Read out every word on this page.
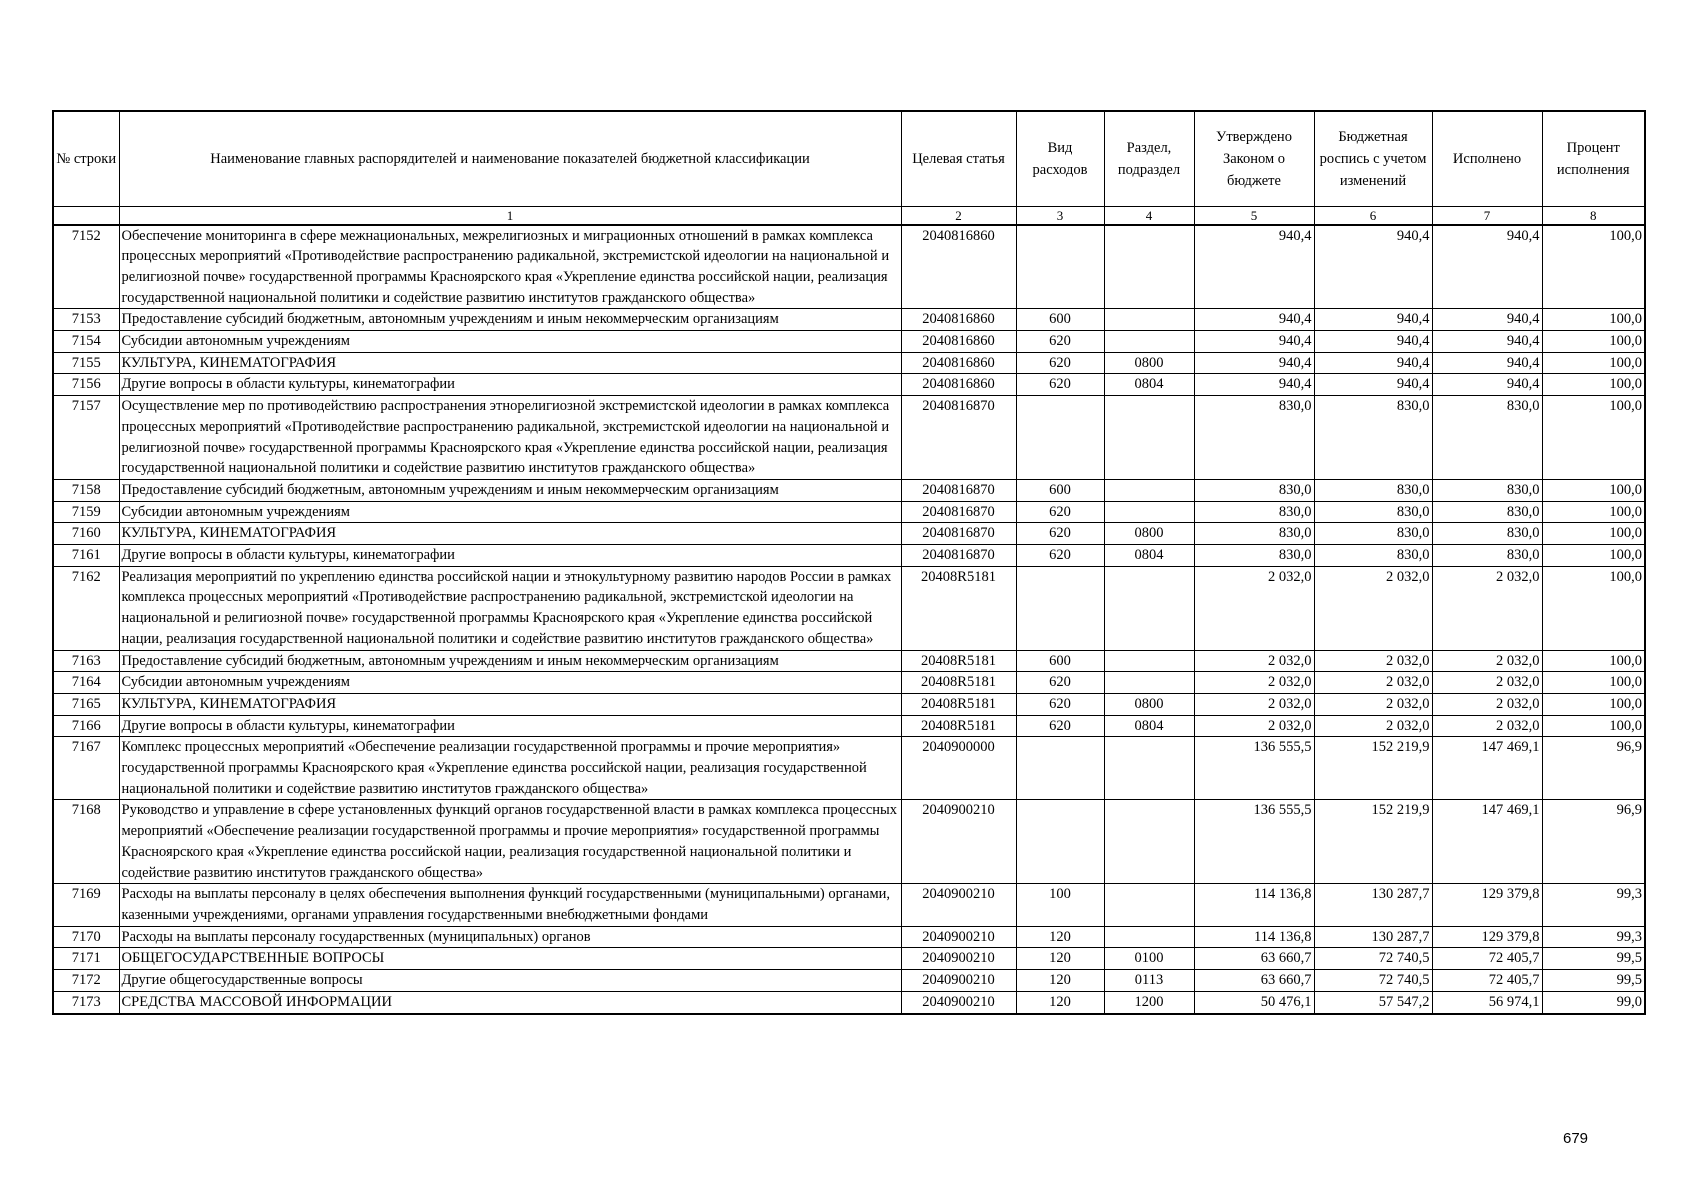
№ строки	Наименование главных распорядителей и наименование показателей бюджетной классификации	Целевая статья	Вид расходов	Раздел, подраздел	Утверждено Законом о бюджете	Бюджетная роспись с учетом изменений	Исполнено	Процент исполнения
	1	2	3	4	5	6	7	8
7152	Обеспечение мониторинга в сфере межнациональных, межрелигиозных и миграционных отношений в рамках комплекса процессных мероприятий «Противодействие распространению радикальной, экстремистской идеологии на национальной и религиозной почве» государственной программы Красноярского края «Укрепление единства российской нации, реализация государственной национальной политики и содействие развитию институтов гражданского общества»	2040816860			940,4	940,4	940,4	100,0
7153	Предоставление субсидий бюджетным, автономным учреждениям и иным некоммерческим организациям	2040816860	600		940,4	940,4	940,4	100,0
7154	Субсидии автономным учреждениям	2040816860	620		940,4	940,4	940,4	100,0
7155	КУЛЬТУРА, КИНЕМАТОГРАФИЯ	2040816860	620	0800	940,4	940,4	940,4	100,0
7156	Другие вопросы в области культуры, кинематографии	2040816860	620	0804	940,4	940,4	940,4	100,0
7157	Осуществление мер по противодействию распространения этнорелигиозной экстремистской идеологии в рамках комплекса процессных мероприятий «Противодействие распространению радикальной, экстремистской идеологии на национальной и религиозной почве» государственной программы Красноярского края «Укрепление единства российской нации, реализация государственной национальной политики и содействие развитию институтов гражданского общества»	2040816870			830,0	830,0	830,0	100,0
7158	Предоставление субсидий бюджетным, автономным учреждениям и иным некоммерческим организациям	2040816870	600		830,0	830,0	830,0	100,0
7159	Субсидии автономным учреждениям	2040816870	620		830,0	830,0	830,0	100,0
7160	КУЛЬТУРА, КИНЕМАТОГРАФИЯ	2040816870	620	0800	830,0	830,0	830,0	100,0
7161	Другие вопросы в области культуры, кинематографии	2040816870	620	0804	830,0	830,0	830,0	100,0
7162	Реализация мероприятий по укреплению единства российской нации и этнокультурному развитию народов России в рамках комплекса процессных мероприятий «Противодействие распространению радикальной, экстремистской идеологии на национальной и религиозной почве» государственной программы Красноярского края «Укрепление единства российской нации, реализация государственной национальной политики и содействие развитию институтов гражданского общества»	20408R5181			2 032,0	2 032,0	2 032,0	100,0
7163	Предоставление субсидий бюджетным, автономным учреждениям и иным некоммерческим организациям	20408R5181	600		2 032,0	2 032,0	2 032,0	100,0
7164	Субсидии автономным учреждениям	20408R5181	620		2 032,0	2 032,0	2 032,0	100,0
7165	КУЛЬТУРА, КИНЕМАТОГРАФИЯ	20408R5181	620	0800	2 032,0	2 032,0	2 032,0	100,0
7166	Другие вопросы в области культуры, кинематографии	20408R5181	620	0804	2 032,0	2 032,0	2 032,0	100,0
7167	Комплекс процессных мероприятий «Обеспечение реализации государственной программы и прочие мероприятия» государственной программы Красноярского края «Укрепление единства российской нации, реализация государственной национальной политики и содействие развитию институтов гражданского общества»	2040900000			136 555,5	152 219,9	147 469,1	96,9
7168	Руководство и управление в сфере установленных функций органов государственной власти в рамках комплекса процессных мероприятий «Обеспечение реализации государственной программы и прочие мероприятия» государственной программы Красноярского края «Укрепление единства российской нации, реализация государственной национальной политики и содействие развитию институтов гражданского общества»	2040900210			136 555,5	152 219,9	147 469,1	96,9
7169	Расходы на выплаты персоналу в целях обеспечения выполнения функций государственными (муниципальными) органами, казенными учреждениями, органами управления государственными внебюджетными фондами	2040900210	100		114 136,8	130 287,7	129 379,8	99,3
7170	Расходы на выплаты персоналу государственных (муниципальных) органов	2040900210	120		114 136,8	130 287,7	129 379,8	99,3
7171	ОБЩЕГОСУДАРСТВЕННЫЕ ВОПРОСЫ	2040900210	120	0100	63 660,7	72 740,5	72 405,7	99,5
7172	Другие общегосударственные вопросы	2040900210	120	0113	63 660,7	72 740,5	72 405,7	99,5
7173	СРЕДСТВА МАССОВОЙ ИНФОРМАЦИИ	2040900210	120	1200	50 476,1	57 547,2	56 974,1	99,0
679
